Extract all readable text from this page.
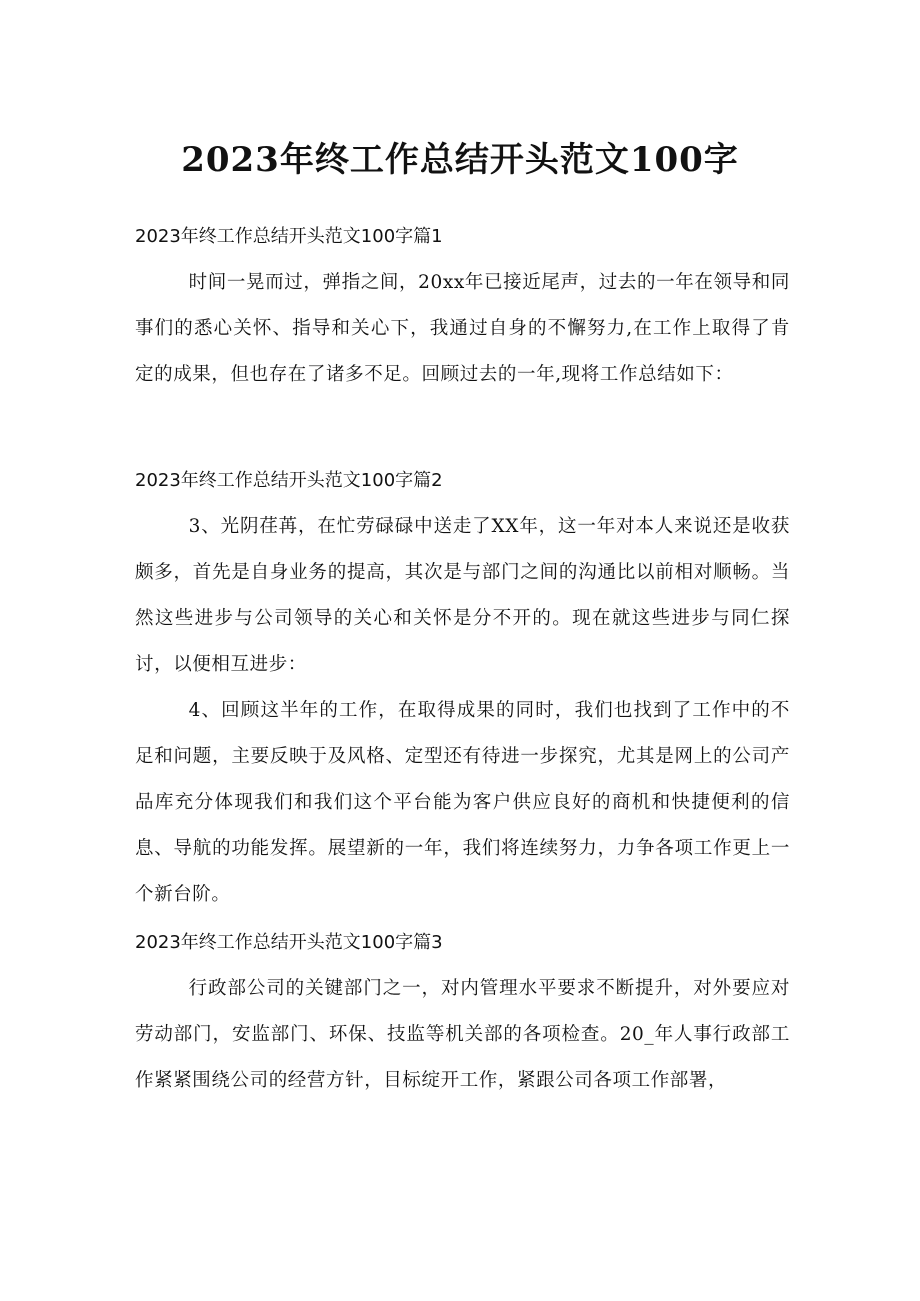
2023年终工作总结开头范文100字

2023年终工作总结开头范文100字篇1

时间一晃而过，弹指之间，20xx年已接近尾声，过去的一年在领导和同事们的悉心关怀、指导和关心下，我通过自身的不懈努力,在工作上取得了肯定的成果，但也存在了诸多不足。回顾过去的一年,现将工作总结如下：

2023年终工作总结开头范文100字篇2

3、光阴荏苒，在忙劳碌碌中送走了XX年，这一年对本人来说还是收获颇多，首先是自身业务的提高，其次是与部门之间的沟通比以前相对顺畅。当然这些进步与公司领导的关心和关怀是分不开的。现在就这些进步与同仁探讨，以便相互进步：

4、回顾这半年的工作，在取得成果的同时，我们也找到了工作中的不足和问题，主要反映于及风格、定型还有待进一步探究，尤其是网上的公司产品库充分体现我们和我们这个平台能为客户供应良好的商机和快捷便利的信息、导航的功能发挥。展望新的一年，我们将连续努力，力争各项工作更上一个新台阶。

2023年终工作总结开头范文100字篇3

行政部公司的关键部门之一，对内管理水平要求不断提升，对外要应对劳动部门，安监部门、环保、技监等机关部的各项检查。20_年人事行政部工作紧紧围绕公司的经营方针，目标绽开工作，紧跟公司各项工作部署，
